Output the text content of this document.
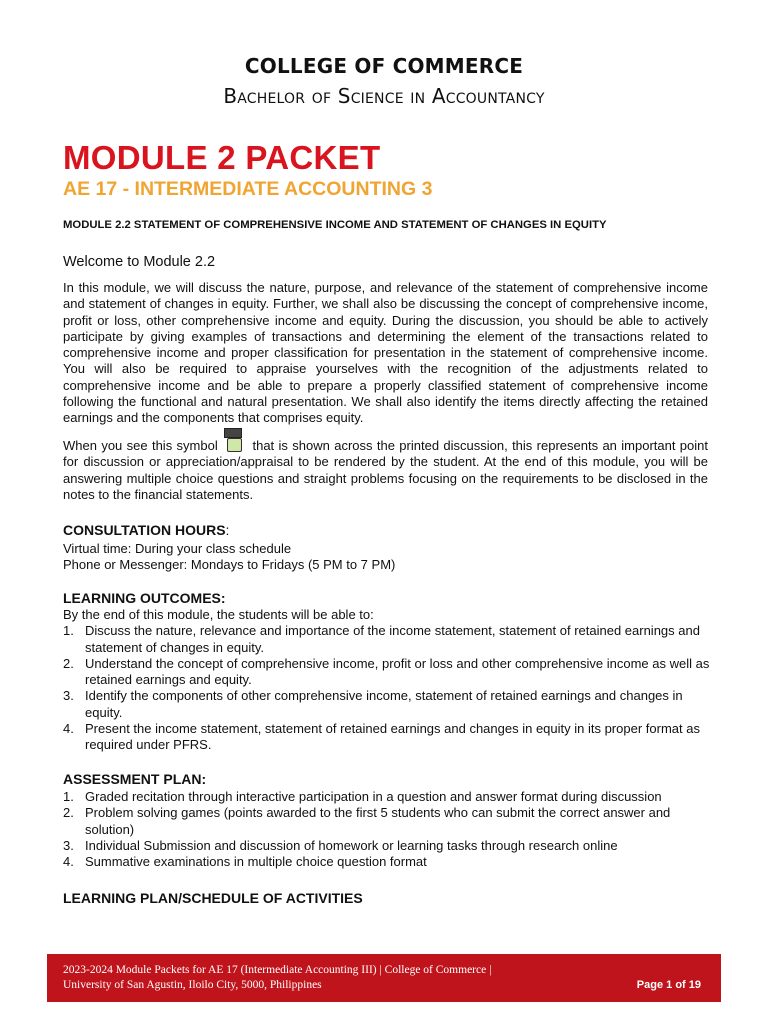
COLLEGE OF COMMERCE
Bachelor of Science in Accountancy
MODULE 2 PACKET
AE 17 - INTERMEDIATE ACCOUNTING 3
MODULE 2.2 STATEMENT OF COMPREHENSIVE INCOME AND STATEMENT OF CHANGES IN EQUITY
Welcome to Module 2.2
In this module, we will discuss the nature, purpose, and relevance of the statement of comprehensive income and statement of changes in equity. Further, we shall also be discussing the concept of comprehensive income, profit or loss, other comprehensive income and equity. During the discussion, you should be able to actively participate by giving examples of transactions and determining the element of the transactions related to comprehensive income and proper classification for presentation in the statement of comprehensive income. You will also be required to appraise yourselves with the recognition of the adjustments related to comprehensive income and be able to prepare a properly classified statement of comprehensive income following the functional and natural presentation. We shall also identify the items directly affecting the retained earnings and the components that comprises equity.
When you see this symbol	that is shown across the printed discussion, this represents an important point for discussion or appreciation/appraisal to be rendered by the student. At the end of this module, you will be answering multiple choice questions and straight problems focusing on the requirements to be disclosed in the notes to the financial statements.
CONSULTATION HOURS:

Virtual time: During your class schedule

Phone or Messenger: Mondays to Fridays (5 PM to 7 PM)

LEARNING OUTCOMES:

By the end of this module, the students will be able to:

1. Discuss the nature, relevance and importance of the income statement, statement of retained earnings and statement of changes in equity.
2. Understand the concept of comprehensive income, profit or loss and other comprehensive income as well as retained earnings and equity.
3. Identify the components of other comprehensive income, statement of retained earnings and changes in equity.
4. Present the income statement, statement of retained earnings and changes in equity in its proper format as required under PFRS.
ASSESSMENT PLAN:
1. Graded recitation through interactive participation in a question and answer format during discussion
2. Problem solving games (points awarded to the first 5 students who can submit the correct answer and solution)
3. Individual Submission and discussion of homework or learning tasks through research online
4. Summative examinations in multiple choice question format
LEARNING PLAN/SCHEDULE OF ACTIVITIES
2023-2024 Module Packets for AE 17 (Intermediate Accounting III) | College of Commerce |
University of San Agustin, Iloilo City, 5000, Philippines	Page 1 of 19
